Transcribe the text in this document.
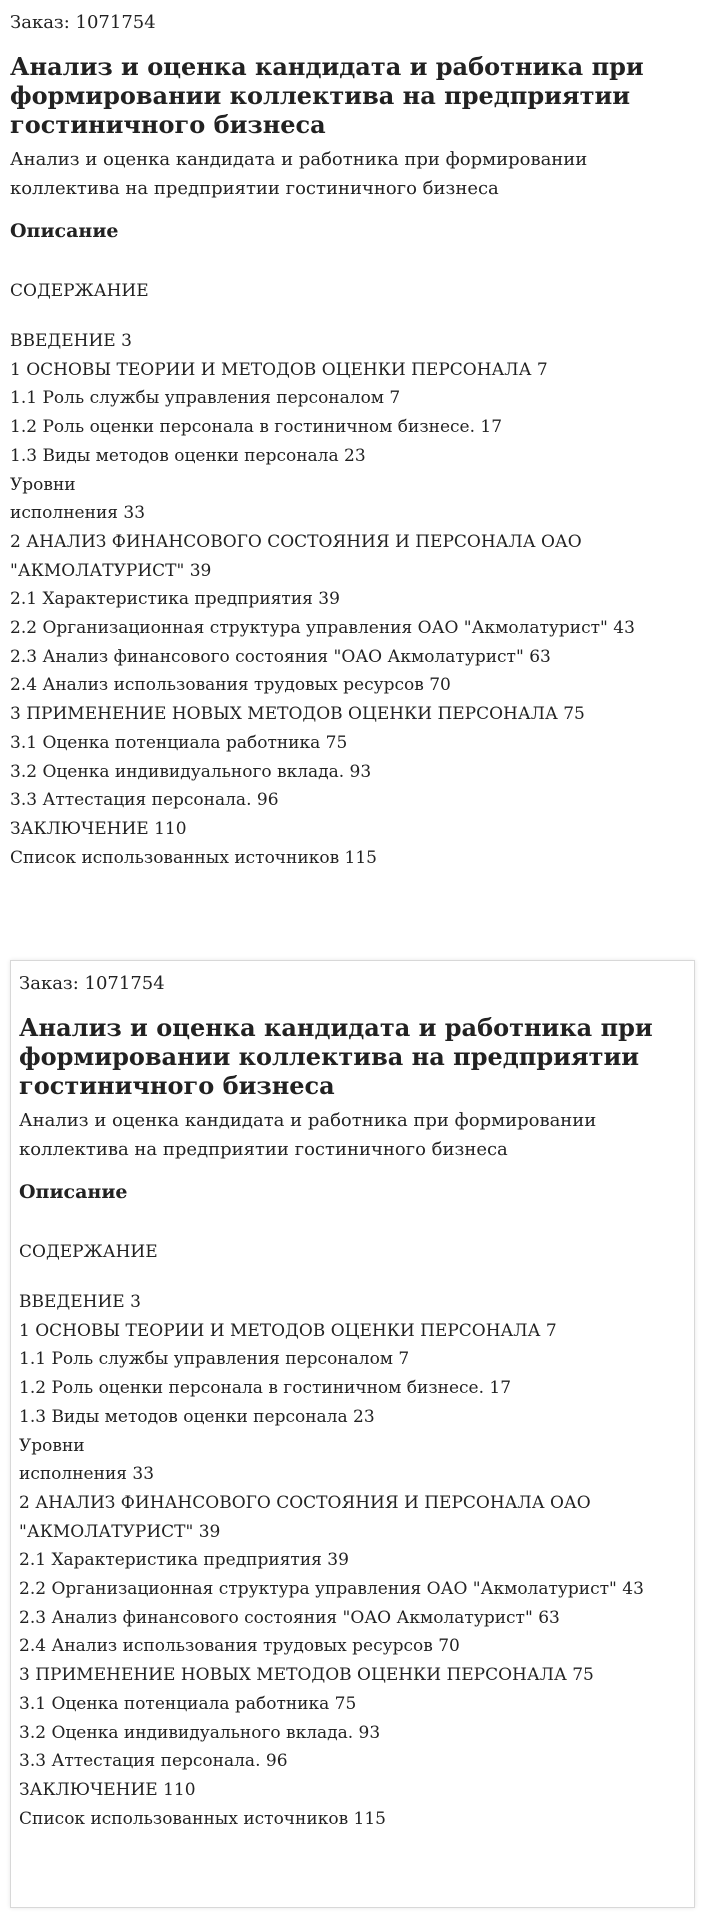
Заказ: 1071754
Анализ и оценка кандидата и работника при
формировании коллектива на предприятии
гостиничного бизнеса

Анализ и оценка кандидата и работника при формировании
коллектива на предприятии гостиничного бизнеса

Описание
СОДЕРЖАНИЕ
ВВЕДЕНИЕ 3
1 ОСНОВЫ ТЕОРИИ И МЕТОДОВ ОЦЕНКИ ПЕРСОНАЛА 7
1.1 Роль службы управления персоналом 7
1.2 Роль оценки персонала в гостиничном бизнесе. 17
1.3 Виды методов оценки персонала 23
Уровни
исполнения 33
2 АНАЛИЗ ФИНАНСОВОГО СОСТОЯНИЯ И ПЕРСОНАЛА ОАО
"АКМОЛАТУРИСТ" 39
2.1 Характеристика предприятия 39
2.2 Организационная структура управления ОАО "Акмолатурист" 43
2.3 Анализ финансового состояния "ОАО Акмолатурист" 63
2.4 Анализ использования трудовых ресурсов 70
3 ПРИМЕНЕНИЕ НОВЫХ МЕТОДОВ ОЦЕНКИ ПЕРСОНАЛА 75
3.1 Оценка потенциала работника 75
3.2 Оценка индивидуального вклада. 93
3.3 Аттестация персонала. 96
ЗАКЛЮЧЕНИЕ 110
Список использованных источников 115
Заказ: 1071754
Анализ и оценка кандидата и работника при
формировании коллектива на предприятии
гостиничного бизнеса

Анализ и оценка кандидата и работника при формировании
коллектива на предприятии гостиничного бизнеса

Описание
СОДЕРЖАНИЕ
ВВЕДЕНИЕ 3
1 ОСНОВЫ ТЕОРИИ И МЕТОДОВ ОЦЕНКИ ПЕРСОНАЛА 7
1.1 Роль службы управления персоналом 7
1.2 Роль оценки персонала в гостиничном бизнесе. 17
1.3 Виды методов оценки персонала 23
Уровни
исполнения 33
2 АНАЛИЗ ФИНАНСОВОГО СОСТОЯНИЯ И ПЕРСОНАЛА ОАО
"АКМОЛАТУРИСТ" 39
2.1 Характеристика предприятия 39
2.2 Организационная структура управления ОАО "Акмолатурист" 43
2.3 Анализ финансового состояния "ОАО Акмолатурист" 63
2.4 Анализ использования трудовых ресурсов 70
3 ПРИМЕНЕНИЕ НОВЫХ МЕТОДОВ ОЦЕНКИ ПЕРСОНАЛА 75
3.1 Оценка потенциала работника 75
3.2 Оценка индивидуального вклада. 93
3.3 Аттестация персонала. 96
ЗАКЛЮЧЕНИЕ 110
Список использованных источников 115
